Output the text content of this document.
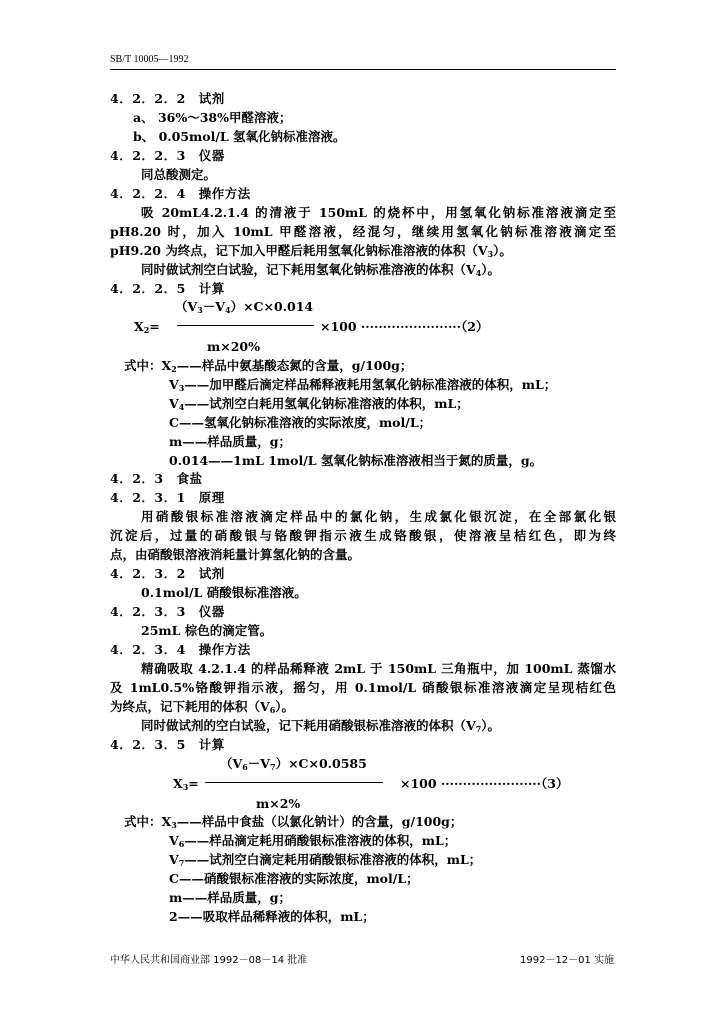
SB/T 10005—1992
4．2．2．2　试剂
a、 36%～38%甲醛溶液；
b、 0.05mol/L 氢氧化钠标准溶液。
4．2．2．3　仪器
同总酸测定。
4．2．2．4　操作方法
吸 20mL4.2.1.4 的清液于 150mL 的烧杯中，用氢氧化钠标准溶液滴定至
pH8.20 时，加入 10mL 甲醛溶液，经混匀，继续用氢氧化钠标准溶液滴定至
pH9.20 为终点，记下加入甲醛后耗用氢氧化钠标准溶液的体积$(V_3)$。
同时做试剂空白试验，记下耗用氢氧化钠标准溶液的体积$(V_4)$。
4．2．2．5　计算
$(V_3-V_4)\times C\times 0.014$
$X_2=$	×100 ·······················（2）
m×20%
式中：$X_2——$样品中氨基酸态氮的含量，g/100g；
$V_3——$加甲醛后滴定样品稀释液耗用氢氧化钠标准溶液的体积，mL；
$V_4——$试剂空白耗用氢氧化钠标准溶液的体积，mL；
C——氢氧化钠标准溶液的实际浓度，mol/L；
m——样品质量，g；
0.014——1mL 1mol/L 氢氧化钠标准溶液相当于氮的质量，g。
4．2．3　食盐
4．2．3．1　原理
用硝酸银标准溶液滴定样品中的氯化钠，生成氯化银沉淀，在全部氯化银
沉淀后，过量的硝酸银与铬酸钾指示液生成铬酸银，使溶液呈桔红色，即为终
点，由硝酸银溶液消耗量计算氢化钠的含量。
4．2．3．2　试剂
0.1mol/L 硝酸银标准溶液。
4．2．3．3　仪器
25mL 棕色的滴定管。
4．2．3．4　操作方法
精确吸取 4.2.1.4 的样品稀释液 2mL 于 150mL 三角瓶中，加 100mL 蒸馏水
及 1mL0.5%铬酸钾指示液，摇匀，用 0.1mol/L 硝酸银标准溶液滴定呈现桔红色
为终点，记下耗用的体积$(V_6)$。
同时做试剂的空白试验，记下耗用硝酸银标准溶液的体积$(V_7)$。
4．2．3．5　计算
$(V_6-V_7)\times C\times 0.0585$
$X_3=$	×100 ·······················（3）
m×2%
式中：$X_3——$样品中食盐（以氯化钠计）的含量，g/100g；
$V_6——$样品滴定耗用硝酸银标准溶液的体积，mL；
$V_7——$试剂空白滴定耗用硝酸银标准溶液的体积，mL；
C——硝酸银标准溶液的实际浓度，mol/L；
m——样品质量，g；
2——吸取样品稀释液的体积，mL；
中华人民共和国商业部 1992－08－14 批准	1992－12－01 实施
